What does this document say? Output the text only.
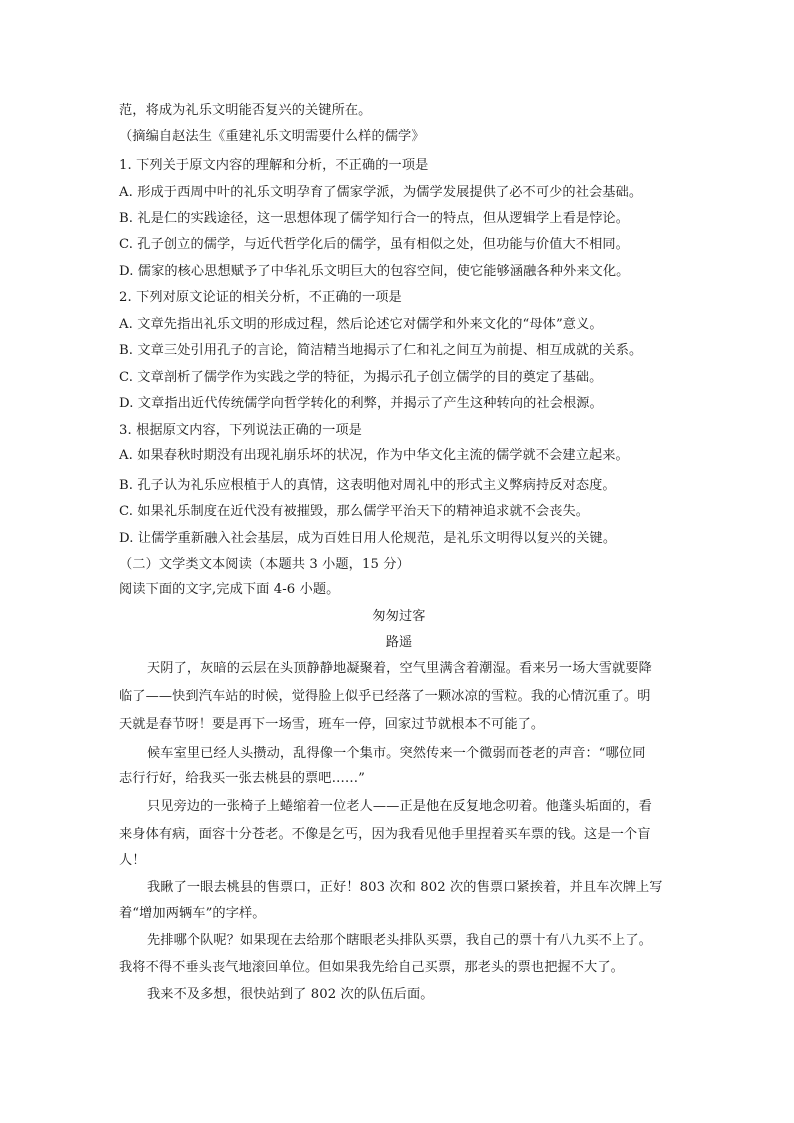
范，将成为礼乐文明能否复兴的关键所在。
（摘编自赵法生《重建礼乐文明需要什么样的儒学》
1. 下列关于原文内容的理解和分析，不正确的一项是
A. 形成于西周中叶的礼乐文明孕育了儒家学派，为儒学发展提供了必不可少的社会基础。
B. 礼是仁的实践途径，这一思想体现了儒学知行合一的特点，但从逻辑学上看是悖论。
C. 孔子创立的儒学，与近代哲学化后的儒学，虽有相似之处，但功能与价值大不相同。
D. 儒家的核心思想赋予了中华礼乐文明巨大的包容空间，使它能够涵融各种外来文化。
2. 下列对原文论证的相关分析，不正确的一项是
A. 文章先指出礼乐文明的形成过程，然后论述它对儒学和外来文化的“母体”意义。
B. 文章三处引用孔子的言论，简洁精当地揭示了仁和礼之间互为前提、相互成就的关系。
C. 文章剖析了儒学作为实践之学的特征，为揭示孔子创立儒学的目的奠定了基础。
D. 文章指出近代传统儒学向哲学转化的利弊，并揭示了产生这种转向的社会根源。
3. 根据原文内容，下列说法正确的一项是
A. 如果春秋时期没有出现礼崩乐坏的状况，作为中华文化主流的儒学就不会建立起来。
B. 孔子认为礼乐应根植于人的真情，这表明他对周礼中的形式主义弊病持反对态度。
C. 如果礼乐制度在近代没有被摧毁，那么儒学平治天下的精神追求就不会丧失。
D. 让儒学重新融入社会基层，成为百姓日用人伦规范，是礼乐文明得以复兴的关键。
（二）文学类文本阅读（本题共 3 小题，15 分）
阅读下面的文字,完成下面 4-6 小题。
匆匆过客
路遥
天阴了，灰暗的云层在头顶静静地凝聚着，空气里满含着潮湿。看来另一场大雪就要降
临了——快到汽车站的时候，觉得脸上似乎已经落了一颗冰凉的雪粒。我的心情沉重了。明
天就是春节呀！要是再下一场雪，班车一停，回家过节就根本不可能了。
候车室里已经人头攒动，乱得像一个集市。突然传来一个微弱而苍老的声音：“哪位同
志行行好，给我买一张去桃县的票吧……”
只见旁边的一张椅子上蜷缩着一位老人——正是他在反复地念叨着。他蓬头垢面的，看
来身体有病，面容十分苍老。不像是乞丐，因为我看见他手里捏着买车票的钱。这是一个盲
人！
我瞅了一眼去桃县的售票口，正好！803 次和 802 次的售票口紧挨着，并且车次牌上写
着“增加两辆车”的字样。
先排哪个队呢？如果现在去给那个瞎眼老头排队买票，我自己的票十有八九买不上了。
我将不得不垂头丧气地滚回单位。但如果我先给自己买票，那老头的票也把握不大了。
我来不及多想，很快站到了 802 次的队伍后面。
